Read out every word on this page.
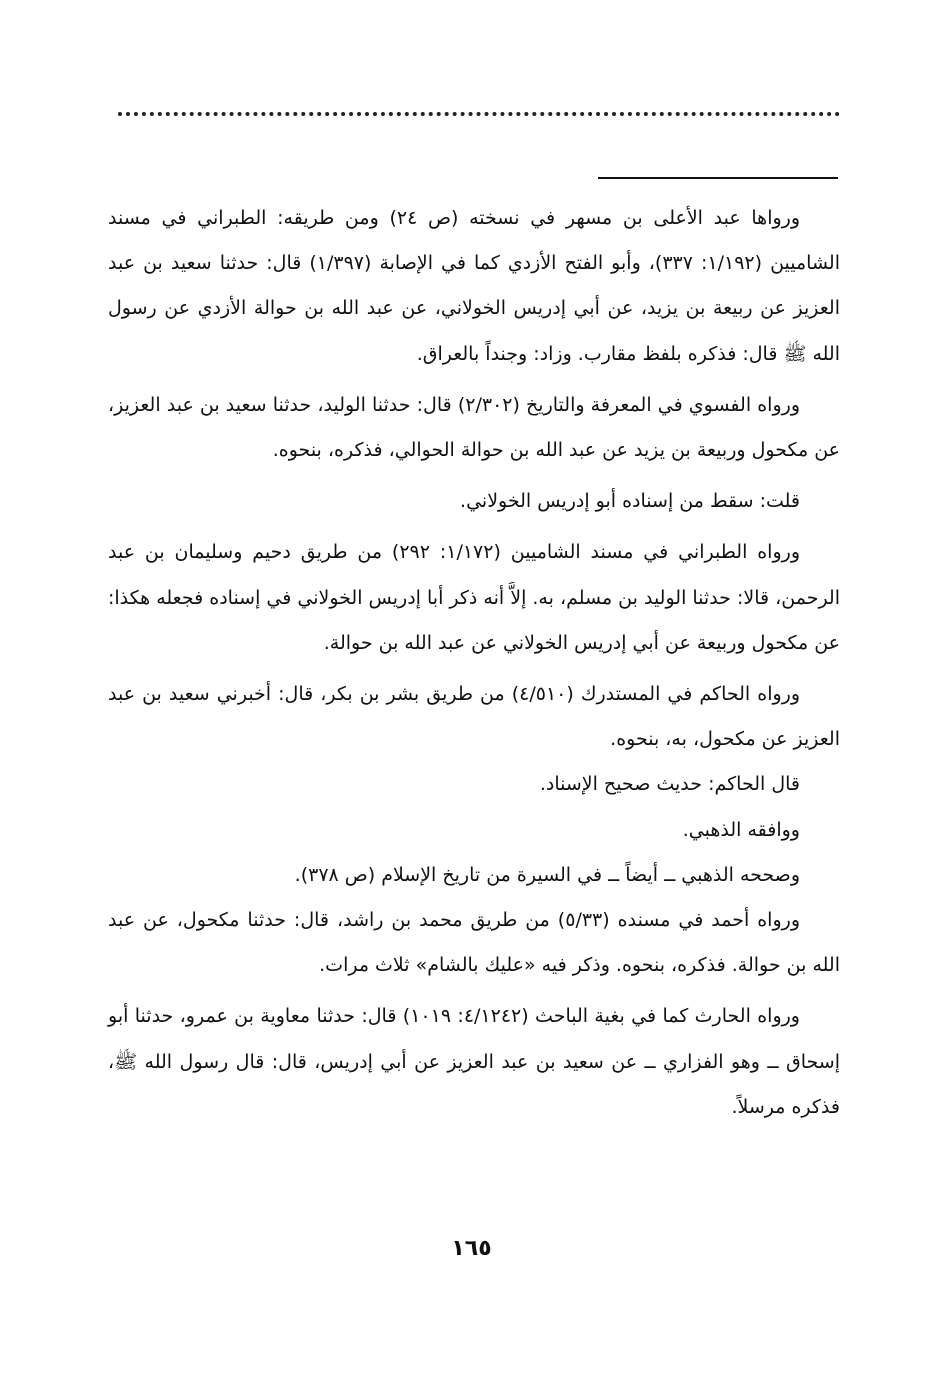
ورواها عبد الأعلى بن مسهر في نسخته (ص ٢٤) ومن طريقه: الطبراني في مسند الشاميين (١/١٩٢: ٣٣٧)، وأبو الفتح الأزدي كما في الإصابة (١/٣٩٧) قال: حدثنا سعيد بن عبد العزيز عن ربيعة بن يزيد، عن أبي إدريس الخولاني، عن عبد الله بن حوالة الأزدي عن رسول الله ﷺ قال: فذكره بلفظ مقارب. وزاد: وجنداً بالعراق.

ورواه الفسوي في المعرفة والتاريخ (٢/٣٠٢) قال: حدثنا الوليد، حدثنا سعيد بن عبد العزيز، عن مكحول وربيعة بن يزيد عن عبد الله بن حوالة الحوالي، فذكره، بنحوه.

قلت: سقط من إسناده أبو إدريس الخولاني.

ورواه الطبراني في مسند الشاميين (١/١٧٢: ٢٩٢) من طريق دحيم وسليمان بن عبد الرحمن، قالا: حدثنا الوليد بن مسلم، به. إلاَّ أنه ذكر أبا إدريس الخولاني في إسناده فجعله هكذا: عن مكحول وربيعة عن أبي إدريس الخولاني عن عبد الله بن حوالة.

ورواه الحاكم في المستدرك (٤/٥١٠) من طريق بشر بن بكر، قال: أخبرني سعيد بن عبد العزيز عن مكحول، به، بنحوه.

قال الحاكم: حديث صحيح الإسناد.

ووافقه الذهبي.

وصححه الذهبي ــ أيضاً ــ في السيرة من تاريخ الإسلام (ص ٣٧٨).

ورواه أحمد في مسنده (٥/٣٣) من طريق محمد بن راشد، قال: حدثنا مكحول، عن عبد الله بن حوالة. فذكره، بنحوه. وذكر فيه «عليك بالشام» ثلاث مرات.

ورواه الحارث كما في بغية الباحث (٤/١٢٤٢: ١٠١٩) قال: حدثنا معاوية بن عمرو، حدثنا أبو إسحاق ــ وهو الفزاري ــ عن سعيد بن عبد العزيز عن أبي إدريس، قال: قال رسول الله ﷺ، فذكره مرسلاً.

١٦٥
